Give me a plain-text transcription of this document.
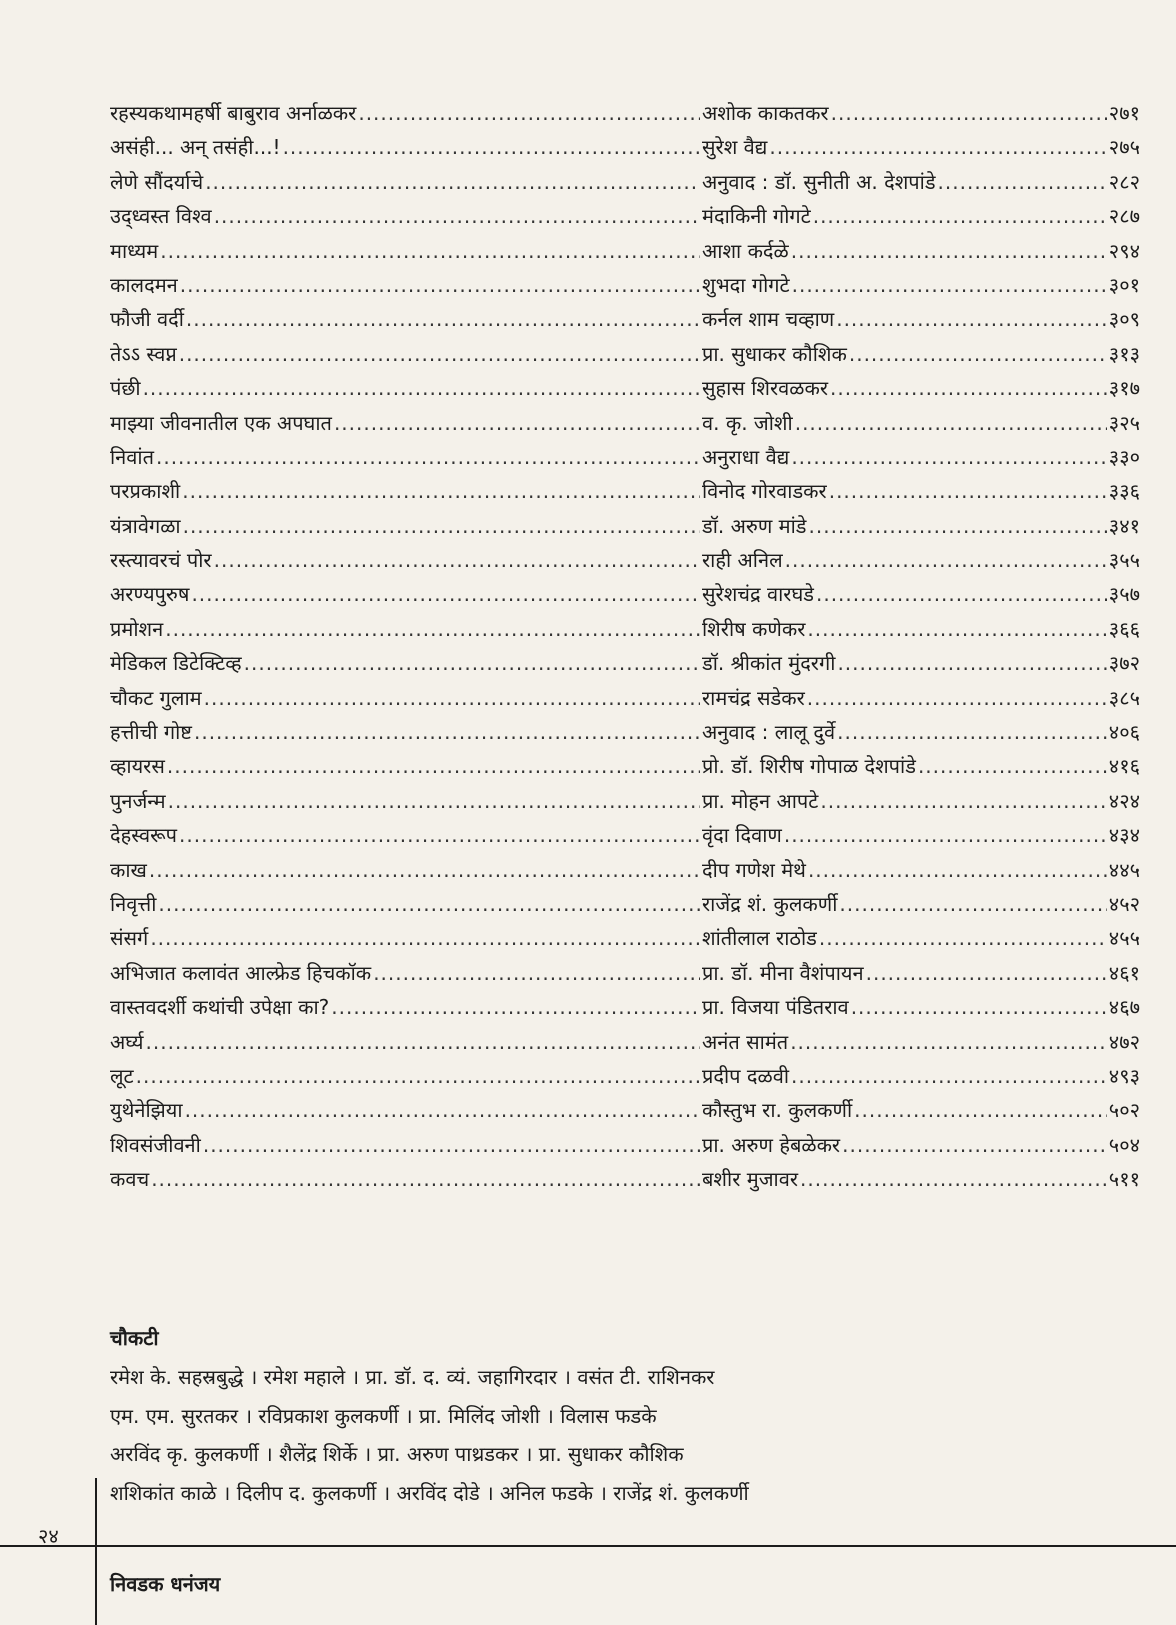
रहस्यकथामहर्षी बाबुराव अर्नाळकर .....	अशोक काकतकर .....	२७१
असंही... अन् तसंही...! .....	सुरेश वैद्य .....	२७५
लेणे सौंदर्याचे .....	अनुवाद : डॉ. सुनीती अ. देशपांडे .....	२८२
उद्ध्वस्त विश्व .....	मंदाकिनी गोगटे .....	२८७
माध्यम .....	आशा कर्दळे .....	२९४
कालदमन .....	शुभदा गोगटे .....	३०१
फौजी वर्दी .....	कर्नल शाम चव्हाण .....	३०९
तेऽऽ स्वप्न .....	प्रा. सुधाकर कौशिक .....	३१३
पंछी .....	सुहास शिरवळकर .....	३१७
माझ्या जीवनातील एक अपघात .....	व. कृ. जोशी .....	३२५
निवांत .....	अनुराधा वैद्य .....	३३०
परप्रकाशी .....	विनोद गोरवाडकर .....	३३६
यंत्रावेगळा .....	डॉ. अरुण मांडे .....	३४१
रस्त्यावरचं पोर .....	राही अनिल .....	३५५
अरण्यपुरुष .....	सुरेशचंद्र वारघडे .....	३५७
प्रमोशन .....	शिरीष कणेकर .....	३६६
मेडिकल डिटेक्टिव्ह .....	डॉ. श्रीकांत मुंदरगी .....	३७२
चौकट गुलाम .....	रामचंद्र सडेकर .....	३८५
हत्तीची गोष्ट .....	अनुवाद : लालू दुर्वे .....	४०६
व्हायरस .....	प्रो. डॉ. शिरीष गोपाळ देशपांडे .....	४१६
पुनर्जन्म .....	प्रा. मोहन आपटे .....	४२४
देहस्वरूप .....	वृंदा दिवाण .....	४३४
काख .....	दीप गणेश मेथे .....	४४५
निवृत्ती .....	राजेंद्र शं. कुलकर्णी .....	४५२
संसर्ग .....	शांतीलाल राठोड .....	४५५
अभिजात कलावंत आल्फ्रेड हिचकॉक .....	प्रा. डॉ. मीना वैशंपायन .....	४६१
वास्तवदर्शी कथांची उपेक्षा का? .....	प्रा. विजया पंडितराव .....	४६७
अर्घ्य .....	अनंत सामंत .....	४७२
लूट .....	प्रदीप दळवी .....	४९३
युथेनेझिया .....	कौस्तुभ रा. कुलकर्णी .....	५०२
शिवसंजीवनी .....	प्रा. अरुण हेबळेकर .....	५०४
कवच .....	बशीर मुजावर .....	५११
चौकटी
रमेश के. सहस्रबुद्धे । रमेश महाले । प्रा. डॉ. द. व्यं. जहागिरदार । वसंत टी. राशिनकर
एम. एम. सुरतकर । रविप्रकाश कुलकर्णी । प्रा. मिलिंद जोशी । विलास फडके
अरविंद कृ. कुलकर्णी । शैलेंद्र शिर्के । प्रा. अरुण पाथ्रडकर । प्रा. सुधाकर कौशिक
शशिकांत काळे । दिलीप द. कुलकर्णी । अरविंद दोडे । अनिल फडके । राजेंद्र शं. कुलकर्णी
२४
निवडक धनंजय
